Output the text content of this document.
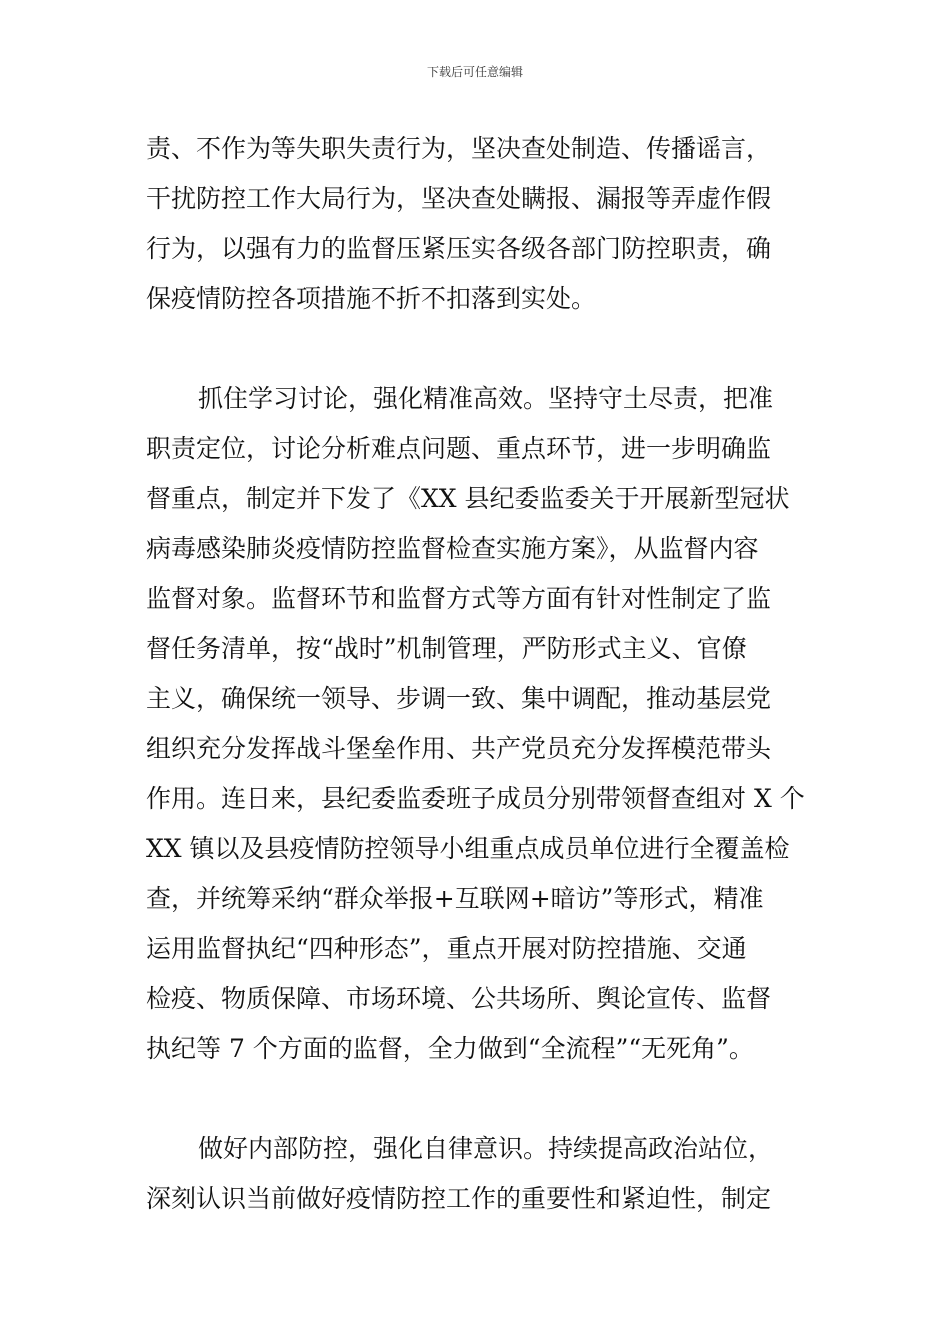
下载后可任意编辑
责、不作为等失职失责行为，坚决查处制造、传播谣言，
干扰防控工作大局行为，坚决查处瞒报、漏报等弄虚作假
行为，以强有力的监督压紧压实各级各部门防控职责，确
保疫情防控各项措施不折不扣落到实处。
抓住学习讨论，强化精准高效。坚持守土尽责，把准
职责定位，讨论分析难点问题、重点环节，进一步明确监
督重点，制定并下发了《XX 县纪委监委关于开展新型冠状
病毒感染肺炎疫情防控监督检查实施方案》，从监督内容
监督对象。监督环节和监督方式等方面有针对性制定了监
督任务清单，按“战时”机制管理，严防形式主义、官僚
主义，确保统一领导、步调一致、集中调配，推动基层党
组织充分发挥战斗堡垒作用、共产党员充分发挥模范带头
作用。连日来，县纪委监委班子成员分别带领督查组对 X 个
XX 镇以及县疫情防控领导小组重点成员单位进行全覆盖检
查，并统筹采纳“群众举报+互联网+暗访”等形式，精准
运用监督执纪“四种形态”，重点开展对防控措施、交通
检疫、物质保障、市场环境、公共场所、舆论宣传、监督
执纪等 7 个方面的监督，全力做到“全流程”“无死角”。
做好内部防控，强化自律意识。持续提高政治站位，
深刻认识当前做好疫情防控工作的重要性和紧迫性，制定
